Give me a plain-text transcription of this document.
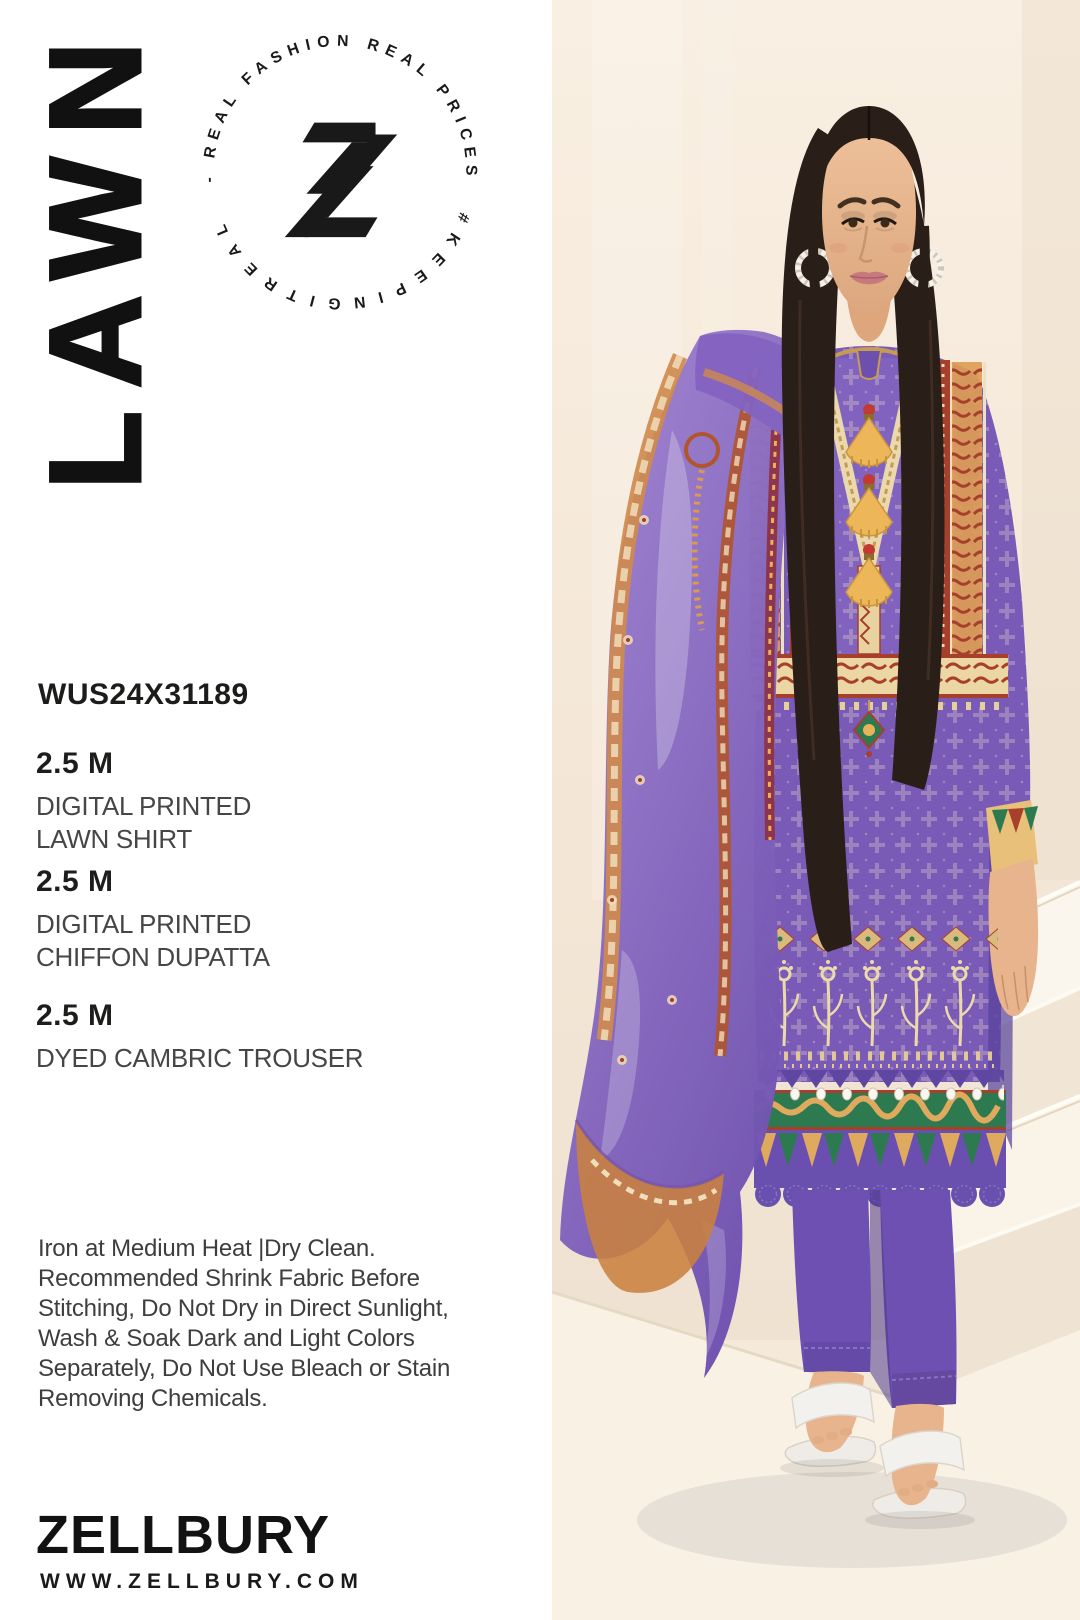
LAWN - REAL FASHION REAL PRICES
#KEEPINGITREAL
WUS24X31189
2.5 M
DIGITAL PRINTED
LAWN SHIRT
2.5 M
DIGITAL PRINTED
CHIFFON DUPATTA
2.5 M
DYED CAMBRIC TROUSER
Iron at Medium Heat |Dry Clean.
Recommended Shrink Fabric Before
Stitching, Do Not Dry in Direct Sunlight,
Wash & Soak Dark and Light Colors
Separately, Do Not Use Bleach or Stain
Removing Chemicals.
ZELLBURY
WWW.ZELLBURY.COM
